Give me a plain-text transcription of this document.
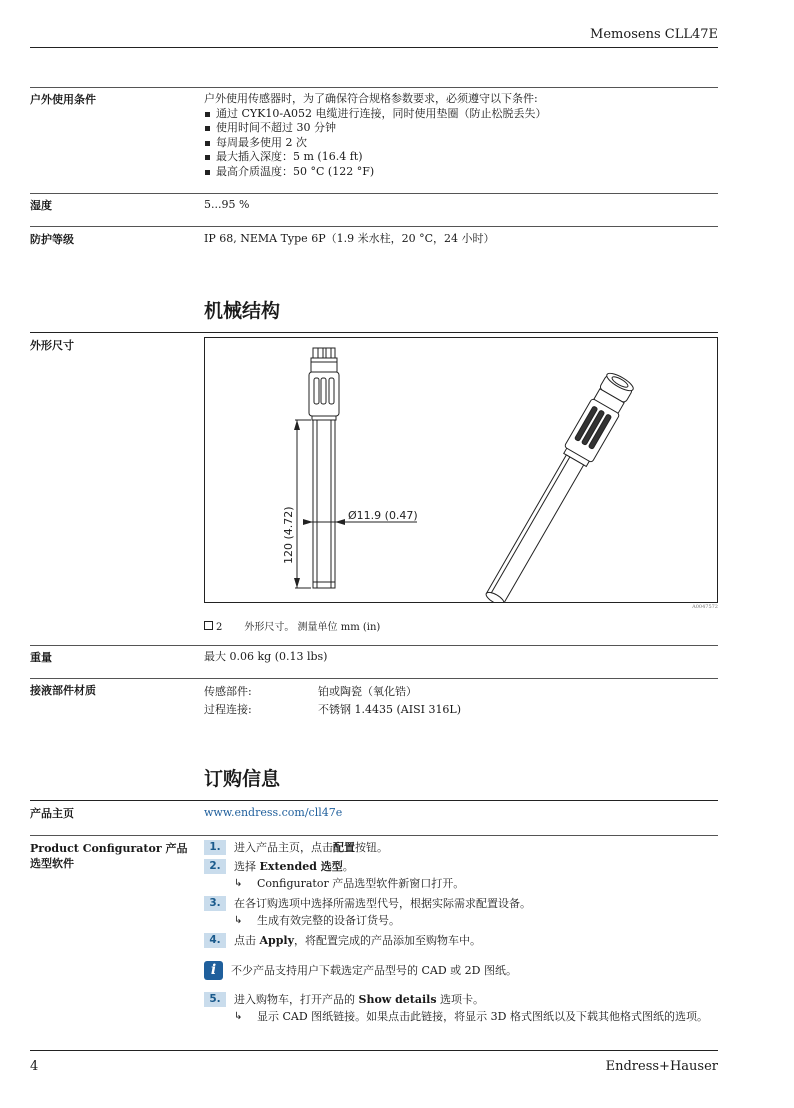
Memosens CLL47E
户外使用条件	户外使用传感器时，为了确保符合规格参数要求，必须遵守以下条件:
通过 CYK10-A052 电缆进行连接，同时使用垫圈（防止松脱丢失）
使用时间不超过 30 分钟
每周最多使用 2 次
最大插入深度：5 m (16.4 ft)
最高介质温度：50 °C (122 °F)
湿度	5...95 %
防护等级	IP 68, NEMA Type 6P（1.9 米水柱，20 °C，24 小时）
机械结构
外形尺寸
120 (4.72)	Ø11.9 (0.47)
A0047572
2 外形尺寸。 测量单位 mm (in)
重量	最大 0.06 kg (0.13 lbs)
接液部件材质	传感部件:	铂或陶瓷（氧化锆）
过程连接:	不锈钢 1.4435 (AISI 316L)
订购信息
产品主页	www.endress.com/cll47e
Product Configurator 产品选型软件
1. 进入产品主页，点击配置按钮。
2. 选择 Extended 选型。
↳ Configurator 产品选型软件新窗口打开。
3. 在各订购选项中选择所需选型代号，根据实际需求配置设备。
↳ 生成有效完整的设备订货号。
4. 点击 Apply，将配置完成的产品添加至购物车中。
i	不少产品支持用户下载选定产品型号的 CAD 或 2D 图纸。
5. 进入购物车，打开产品的 Show details 选项卡。
↳ 显示 CAD 图纸链接。如果点击此链接，将显示 3D 格式图纸以及下载其他格式图纸的选项。
4	Endress+Hauser
